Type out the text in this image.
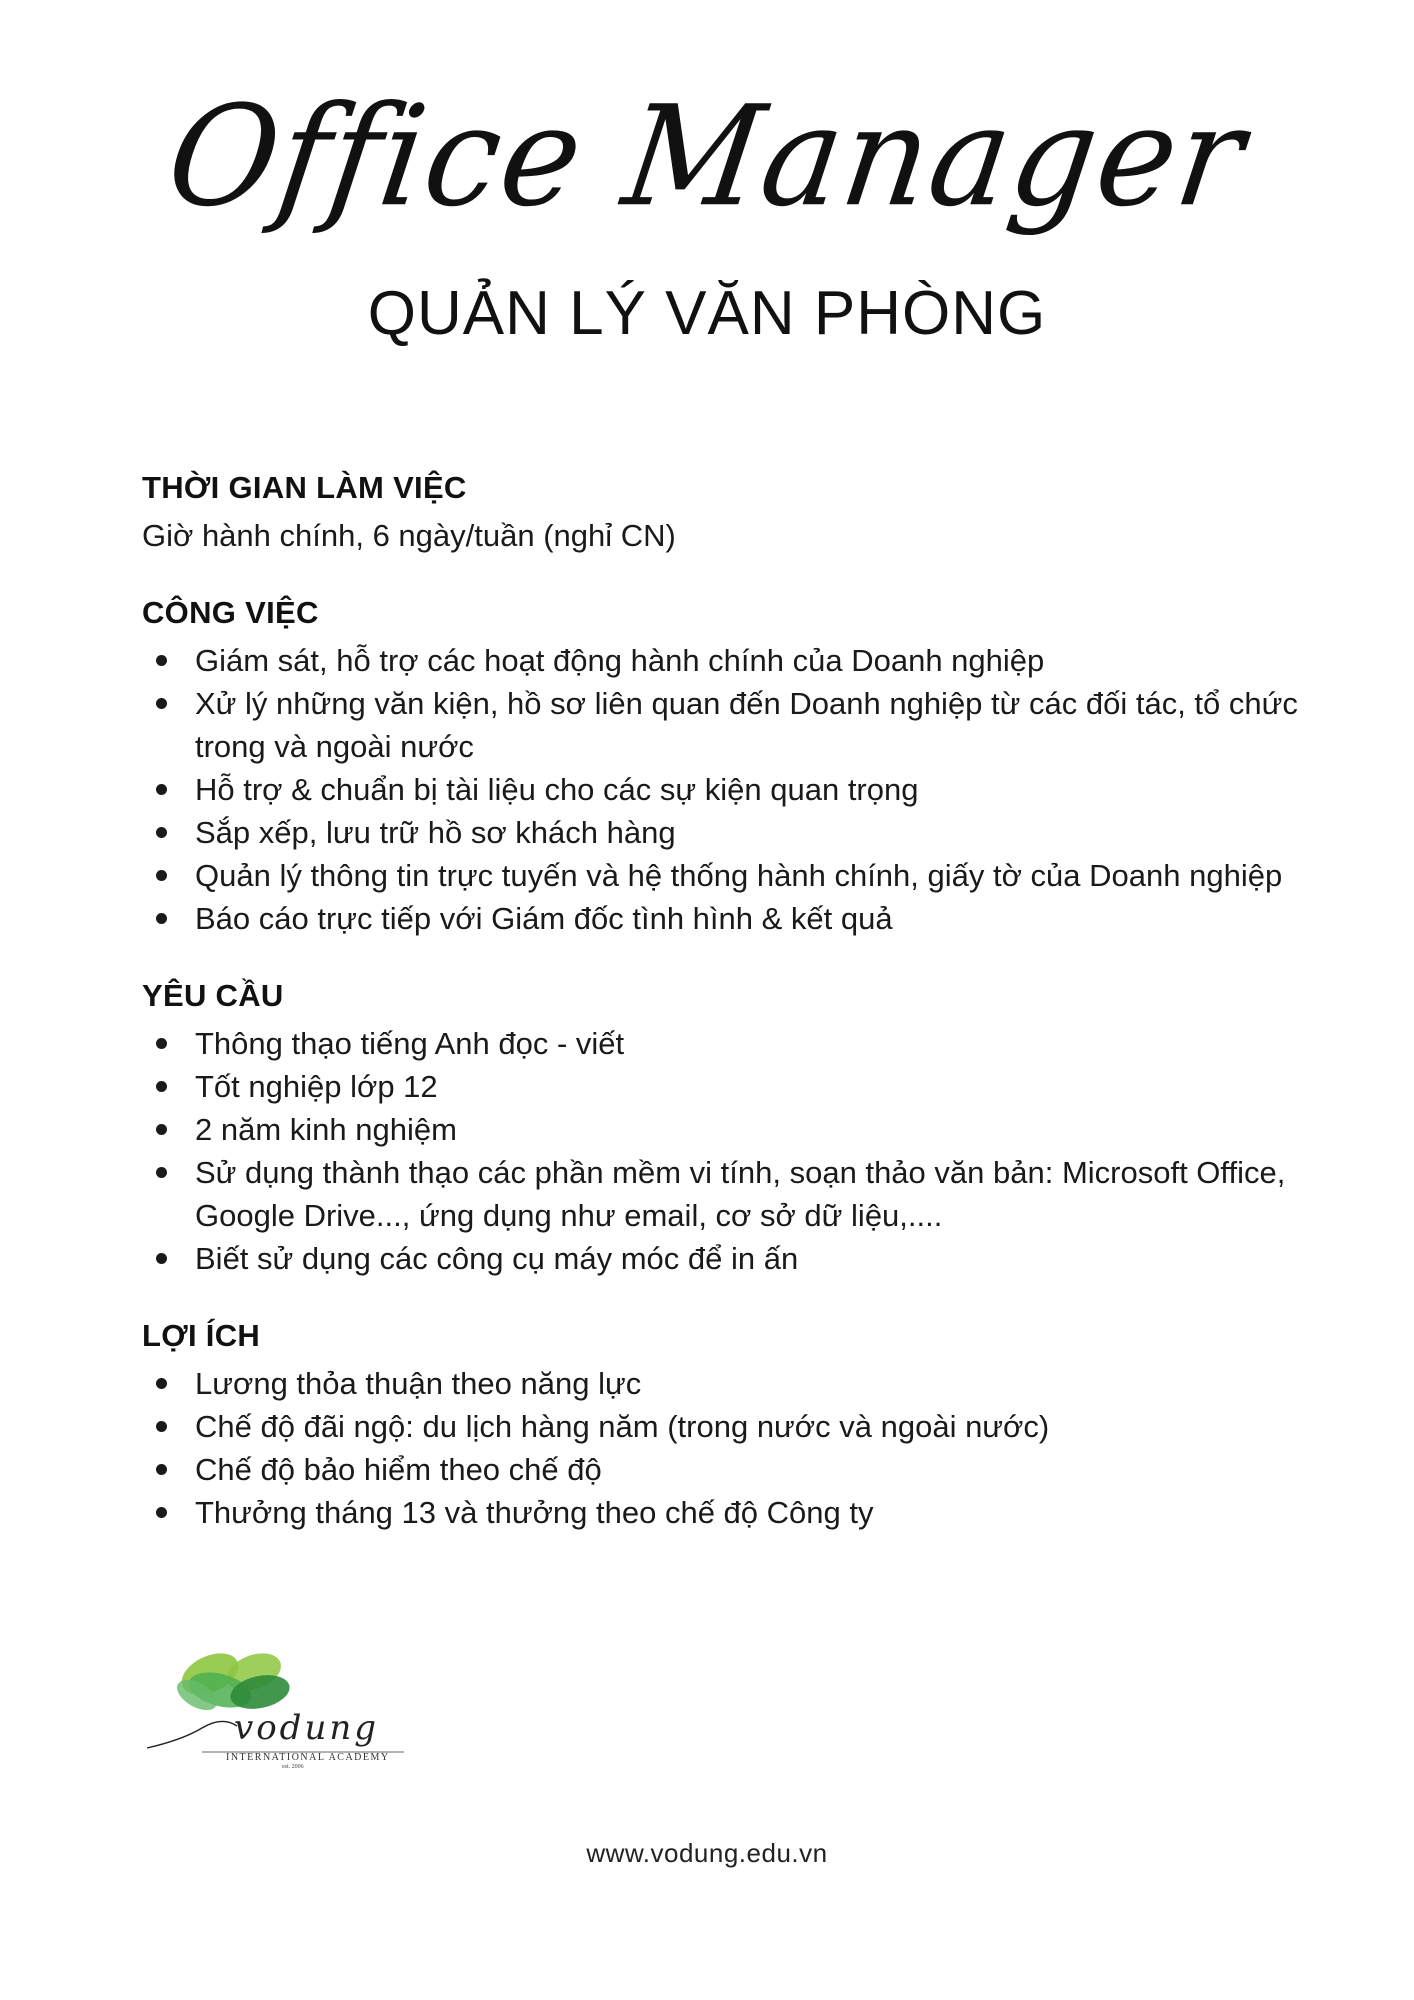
Office Manager
QUẢN LÝ VĂN PHÒNG

THỜI GIAN LÀM VIỆC

Giờ hành chính, 6 ngày/tuần (nghỉ CN)

CÔNG VIỆC

Giám sát, hỗ trợ các hoạt động hành chính của Doanh nghiệp
Xử lý những văn kiện, hồ sơ liên quan đến Doanh nghiệp từ các đối tác, tổ chức trong và ngoài nước
Hỗ trợ & chuẩn bị tài liệu cho các sự kiện quan trọng
Sắp xếp, lưu trữ hồ sơ khách hàng
Quản lý thông tin trực tuyến và hệ thống hành chính, giấy tờ của Doanh nghiệp
Báo cáo trực tiếp với Giám đốc tình hình & kết quả

YÊU CẦU

Thông thạo tiếng Anh đọc - viết
Tốt nghiệp lớp 12
2 năm kinh nghiệm
Sử dụng thành thạo các phần mềm vi tính, soạn thảo văn bản: Microsoft Office, Google Drive..., ứng dụng như email, cơ sở dữ liệu,....
Biết sử dụng các công cụ máy móc để in ấn

LỢI ÍCH

Lương thỏa thuận theo năng lực
Chế độ đãi ngộ: du lịch hàng năm (trong nước và ngoài nước)
Chế độ bảo hiểm theo chế độ
Thưởng tháng 13 và thưởng theo chế độ Công ty
vodung
INTERNATIONAL ACADEMY
est. 2006
www.vodung.edu.vn
